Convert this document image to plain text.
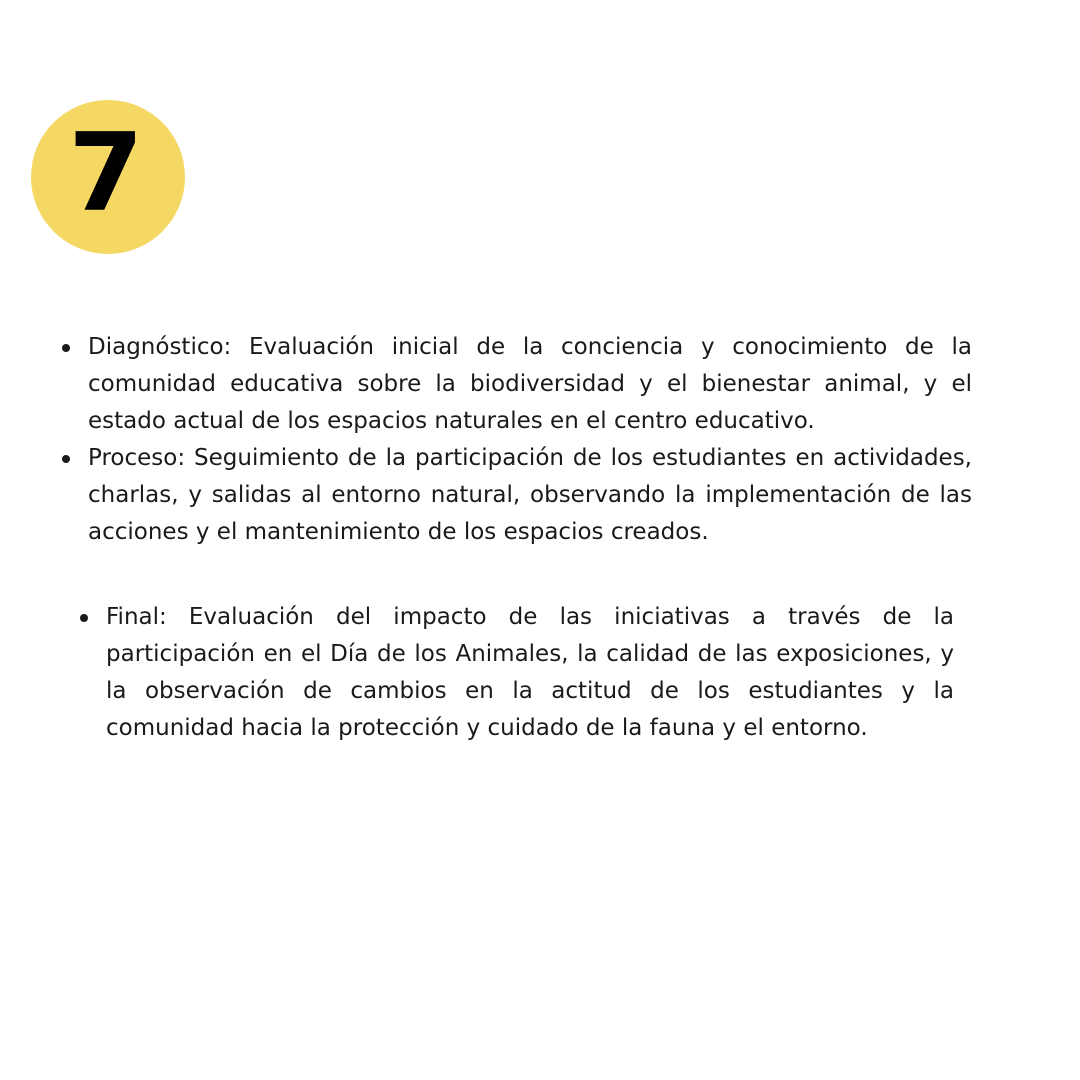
7
Diagnóstico: Evaluación inicial de la conciencia y conocimiento de la comunidad educativa sobre la biodiversidad y el bienestar animal, y el estado actual de los espacios naturales en el centro educativo.
Proceso: Seguimiento de la participación de los estudiantes en actividades, charlas, y salidas al entorno natural, observando la implementación de las acciones y el mantenimiento de los espacios creados.
Final: Evaluación del impacto de las iniciativas a través de la participación en el Día de los Animales, la calidad de las exposiciones, y la observación de cambios en la actitud de los estudiantes y la comunidad hacia la protección y cuidado de la fauna y el entorno.
